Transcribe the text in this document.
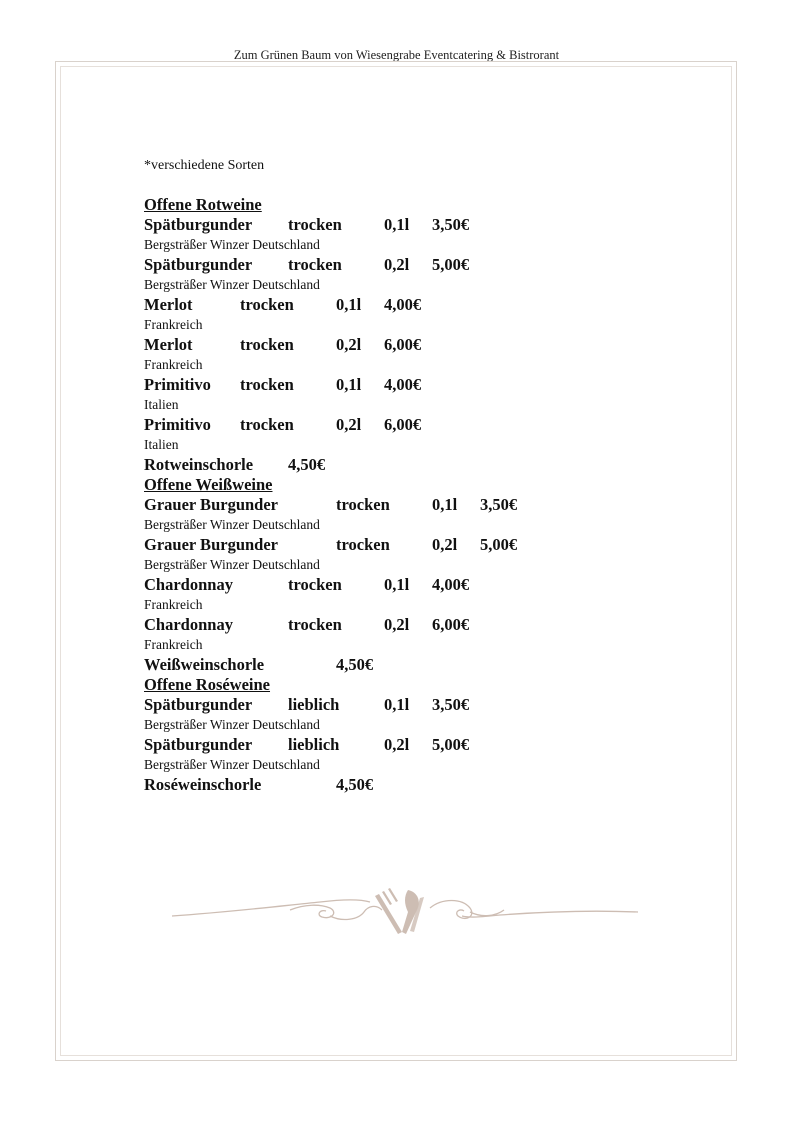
Zum Grünen Baum von Wiesengrabe Eventcatering & Bistrorant
*verschiedene Sorten
Offene Rotweine
Spätburgunder	trocken	0,1l	3,50€
Bergsträßer Winzer Deutschland
Spätburgunder	trocken	0,2l	5,00€
Bergsträßer Winzer Deutschland
Merlot	trocken	0,1l	4,00€
Frankreich
Merlot	trocken	0,2l	6,00€
Frankreich
Primitivo	trocken	0,1l	4,00€
Italien
Primitivo	trocken	0,2l	6,00€
Italien
Rotweinschorle	4,50€
Offene Weißweine
Grauer Burgunder	trocken	0,1l	3,50€
Bergsträßer Winzer Deutschland
Grauer Burgunder	trocken	0,2l	5,00€
Bergsträßer Winzer Deutschland
Chardonnay	trocken	0,1l	4,00€
Frankreich
Chardonnay	trocken	0,2l	6,00€
Frankreich
Weißweinschorle	4,50€
Offene Roséweine
Spätburgunder	lieblich	0,1l	3,50€
Bergsträßer Winzer Deutschland
Spätburgunder	lieblich	0,2l	5,00€
Bergsträßer Winzer Deutschland
Roséweinschorle	4,50€
